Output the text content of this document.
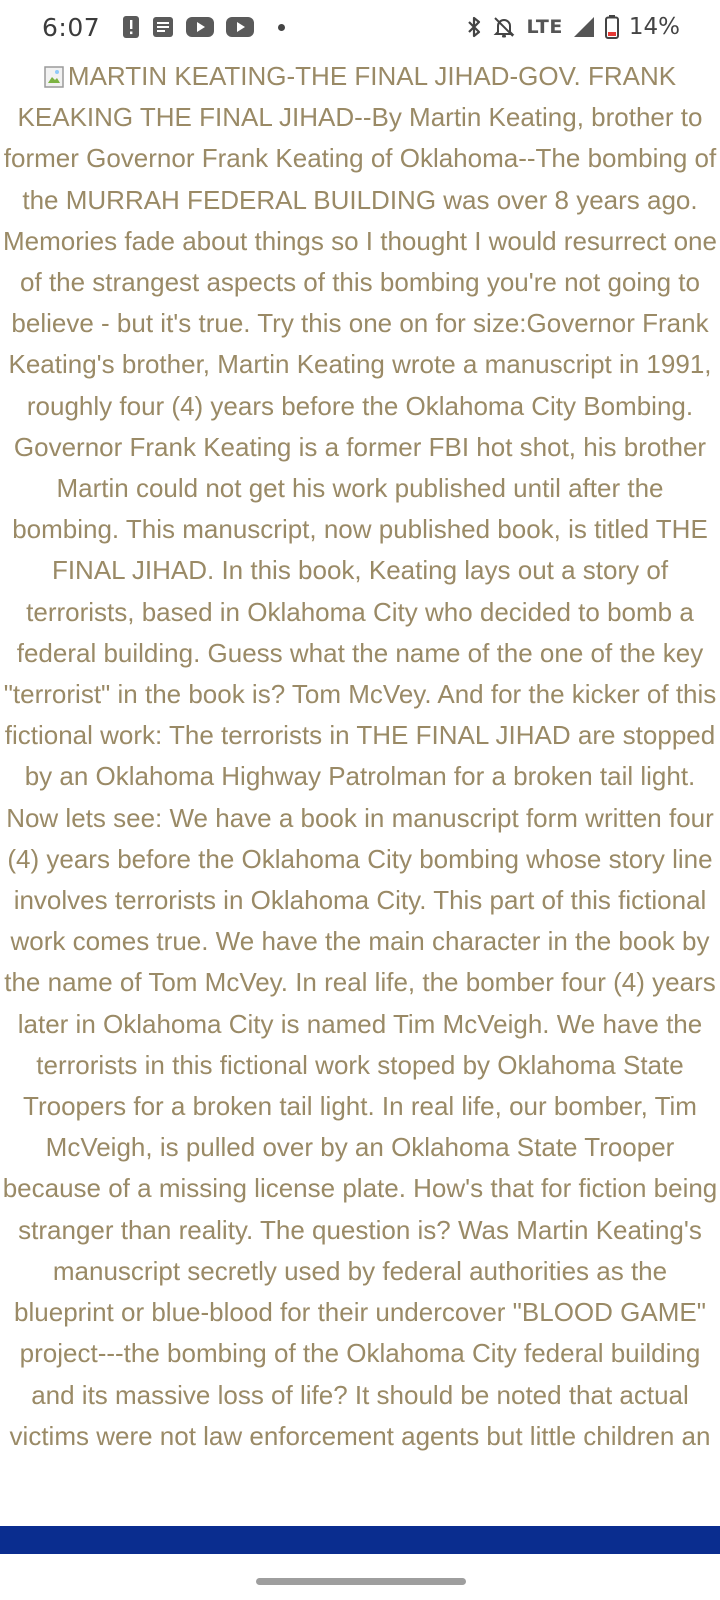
6:07	LTE	14%

MARTIN KEATING-THE FINAL JIHAD-GOV. FRANK KEAKING THE FINAL JIHAD--By Martin Keating, brother to former Governor Frank Keating of Oklahoma--The bombing of the MURRAH FEDERAL BUILDING was over 8 years ago. Memories fade about things so I thought I would resurrect one of the strangest aspects of this bombing you're not going to believe - but it's true. Try this one on for size:Governor Frank Keating's brother, Martin Keating wrote a manuscript in 1991, roughly four (4) years before the Oklahoma City Bombing. Governor Frank Keating is a former FBI hot shot, his brother Martin could not get his work published until after the bombing. This manuscript, now published book, is titled THE FINAL JIHAD. In this book, Keating lays out a story of terrorists, based in Oklahoma City who decided to bomb a federal building. Guess what the name of the one of the key "terrorist" in the book is? Tom McVey. And for the kicker of this fictional work: The terrorists in THE FINAL JIHAD are stopped by an Oklahoma Highway Patrolman for a broken tail light. Now lets see: We have a book in manuscript form written four (4) years before the Oklahoma City bombing whose story line involves terrorists in Oklahoma City. This part of this fictional work comes true. We have the main character in the book by the name of Tom McVey. In real life, the bomber four (4) years later in Oklahoma City is named Tim McVeigh. We have the terrorists in this fictional work stoped by Oklahoma State Troopers for a broken tail light. In real life, our bomber, Tim McVeigh, is pulled over by an Oklahoma State Trooper because of a missing license plate. How's that for fiction being stranger than reality. The question is? Was Martin Keating's manuscript secretly used by federal authorities as the blueprint or blue-blood for their undercover "BLOOD GAME" project---the bombing of the Oklahoma City federal building and its massive loss of life? It should be noted that actual victims were not law enforcement agents but little children an
